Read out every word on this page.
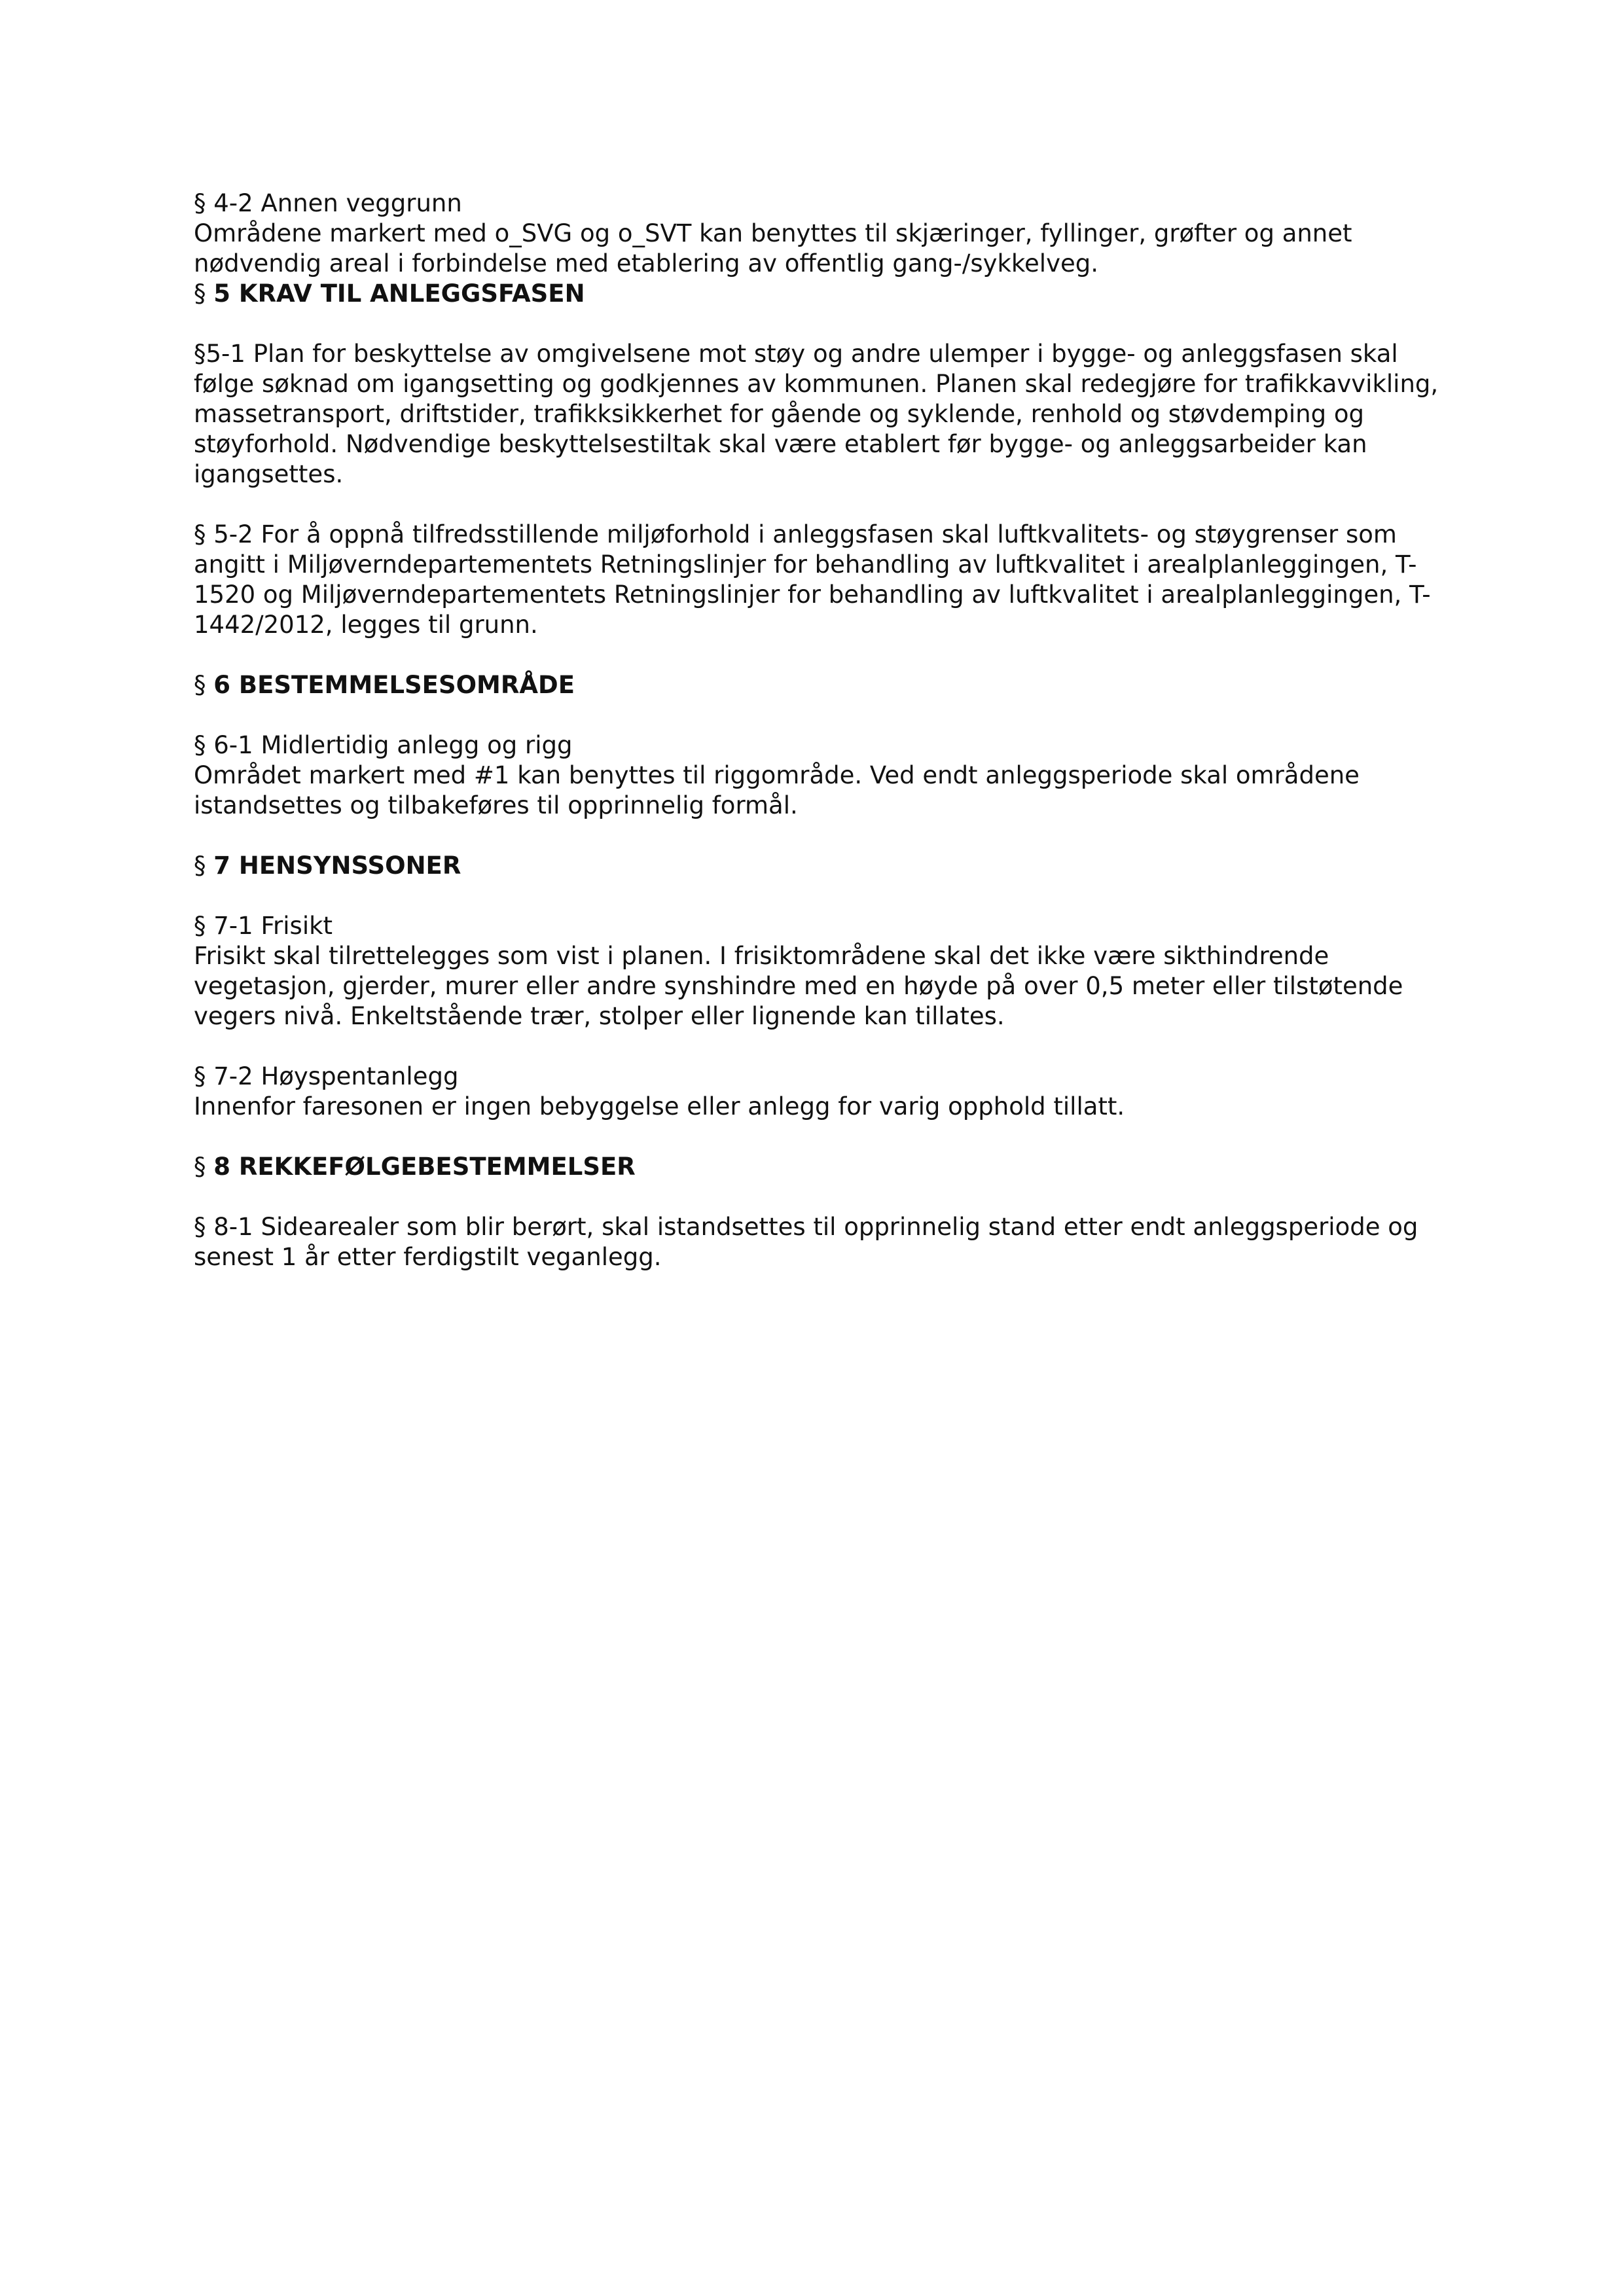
§ 4-2 Annen veggrunn

Områdene markert med o_SVG og o_SVT kan benyttes til skjæringer, fyllinger, grøfter og annet nødvendig areal i forbindelse med etablering av offentlig gang-/sykkelveg.

§ 5 KRAV TIL ANLEGGSFASEN

§5-1 Plan for beskyttelse av omgivelsene mot støy og andre ulemper i bygge- og anleggsfasen skal følge søknad om igangsetting og godkjennes av kommunen. Planen skal redegjøre for trafikkavvikling, massetransport, driftstider, trafikksikkerhet for gående og syklende, renhold og støvdemping og støyforhold. Nødvendige beskyttelsestiltak skal være etablert før bygge- og anleggsarbeider kan igangsettes.

§ 5-2 For å oppnå tilfredsstillende miljøforhold i anleggsfasen skal luftkvalitets- og støygrenser som angitt i Miljøverndepartementets Retningslinjer for behandling av luftkvalitet i arealplanleggingen, T-1520 og Miljøverndepartementets Retningslinjer for behandling av luftkvalitet i arealplanleggingen, T-1442/2012, legges til grunn.

§ 6 BESTEMMELSESOMRÅDE

§ 6-1 Midlertidig anlegg og rigg

Området markert med #1 kan benyttes til riggområde. Ved endt anleggsperiode skal områdene istandsettes og tilbakeføres til opprinnelig formål.

§ 7 HENSYNSSONER

§ 7-1 Frisikt

Frisikt skal tilrettelegges som vist i planen. I frisiktområdene skal det ikke være sikthindrende vegetasjon, gjerder, murer eller andre synshindre med en høyde på over 0,5 meter eller tilstøtende vegers nivå. Enkeltstående trær, stolper eller lignende kan tillates.

§ 7-2 Høyspentanlegg

Innenfor faresonen er ingen bebyggelse eller anlegg for varig opphold tillatt.

§ 8 REKKEFØLGEBESTEMMELSER

§ 8-1 Sidearealer som blir berørt, skal istandsettes til opprinnelig stand etter endt anleggsperiode og senest 1 år etter ferdigstilt veganlegg.
